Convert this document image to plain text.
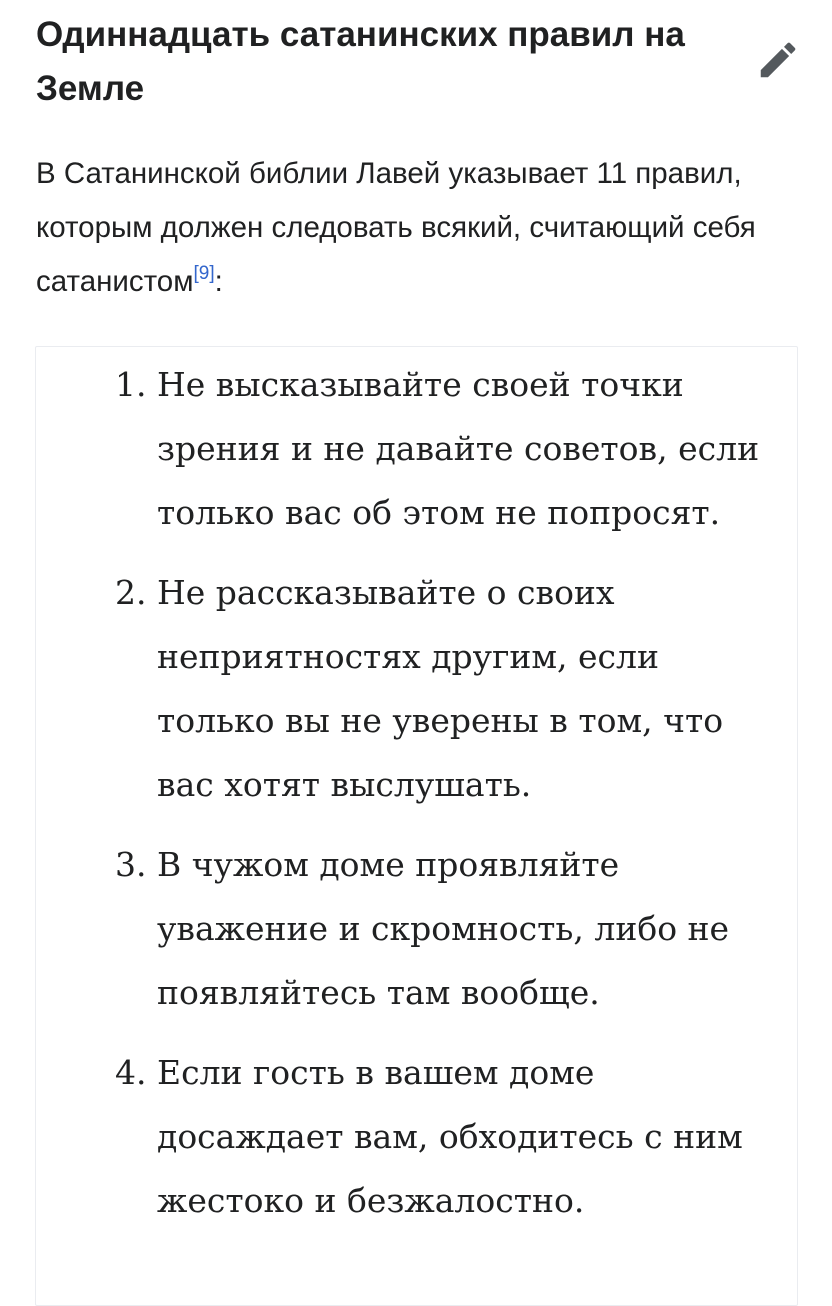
Одиннадцать сатанинских правил на Земле

В Сатанинской библии Лавей указывает 11 правил, которым должен следовать всякий, считающий себя сатанистом[9]:

1. Не высказывайте своей точки зрения и не давайте советов, если только вас об этом не попросят.
2. Не рассказывайте о своих неприятностях другим, если только вы не уверены в том, что вас хотят выслушать.
3. В чужом доме проявляйте уважение и скромность, либо не появляйтесь там вообще.
4. Если гость в вашем доме досаждает вам, обходитесь с ним жестоко и безжалостно.
